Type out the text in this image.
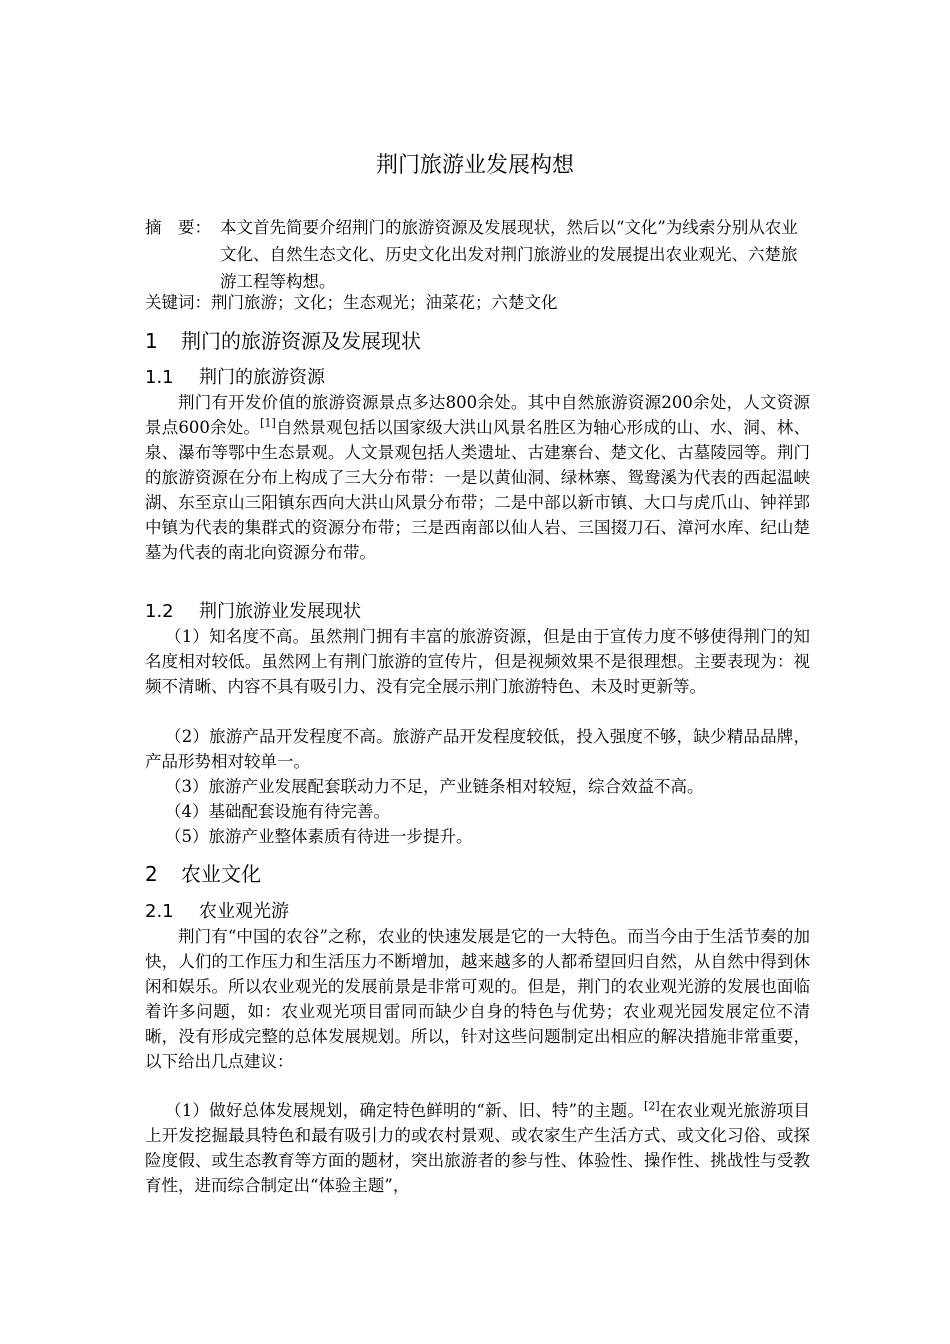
荆门旅游业发展构想
摘　要： 本文首先简要介绍荆门的旅游资源及发展现状，然后以“文化”为线索分别从农业文化、自然生态文化、历史文化出发对荆门旅游业的发展提出农业观光、六楚旅游工程等构想。
关键词：荆门旅游；文化；生态观光；油菜花；六楚文化
1 荆门的旅游资源及发展现状
1.1 荆门的旅游资源

荆门有开发价值的旅游资源景点多达800余处。其中自然旅游资源200余处，人文资源景点600余处。[1]自然景观包括以国家级大洪山风景名胜区为轴心形成的山、水、洞、林、泉、瀑布等鄂中生态景观。人文景观包括人类遗址、古建寨台、楚文化、古墓陵园等。荆门的旅游资源在分布上构成了三大分布带：一是以黄仙洞、绿林寨、鸳鸯溪为代表的西起温峡湖、东至京山三阳镇东西向大洪山风景分布带；二是中部以新市镇、大口与虎爪山、钟祥郢中镇为代表的集群式的资源分布带；三是西南部以仙人岩、三国掇刀石、漳河水库、纪山楚墓为代表的南北向资源分布带。

1.2 荆门旅游业发展现状

（1）知名度不高。虽然荆门拥有丰富的旅游资源，但是由于宣传力度不够使得荆门的知名度相对较低。虽然网上有荆门旅游的宣传片，但是视频效果不是很理想。主要表现为：视频不清晰、内容不具有吸引力、没有完全展示荆门旅游特色、未及时更新等。

（2）旅游产品开发程度不高。旅游产品开发程度较低，投入强度不够，缺少精品品牌，产品形势相对较单一。

（3）旅游产业发展配套联动力不足，产业链条相对较短，综合效益不高。

（4）基础配套设施有待完善。

（5）旅游产业整体素质有待进一步提升。

2 农业文化
2.1 农业观光游

荆门有“中国的农谷”之称，农业的快速发展是它的一大特色。而当今由于生活节奏的加快，人们的工作压力和生活压力不断增加，越来越多的人都希望回归自然，从自然中得到休闲和娱乐。所以农业观光的发展前景是非常可观的。但是，荆门的农业观光游的发展也面临着许多问题，如：农业观光项目雷同而缺少自身的特色与优势；农业观光园发展定位不清晰，没有形成完整的总体发展规划。所以，针对这些问题制定出相应的解决措施非常重要，以下给出几点建议：

（1）做好总体发展规划，确定特色鲜明的“新、旧、特”的主题。[2]在农业观光旅游项目上开发挖掘最具特色和最有吸引力的或农村景观、或农家生产生活方式、或文化习俗、或探险度假、或生态教育等方面的题材，突出旅游者的参与性、体验性、操作性、挑战性与受教育性，进而综合制定出“体验主题”，
